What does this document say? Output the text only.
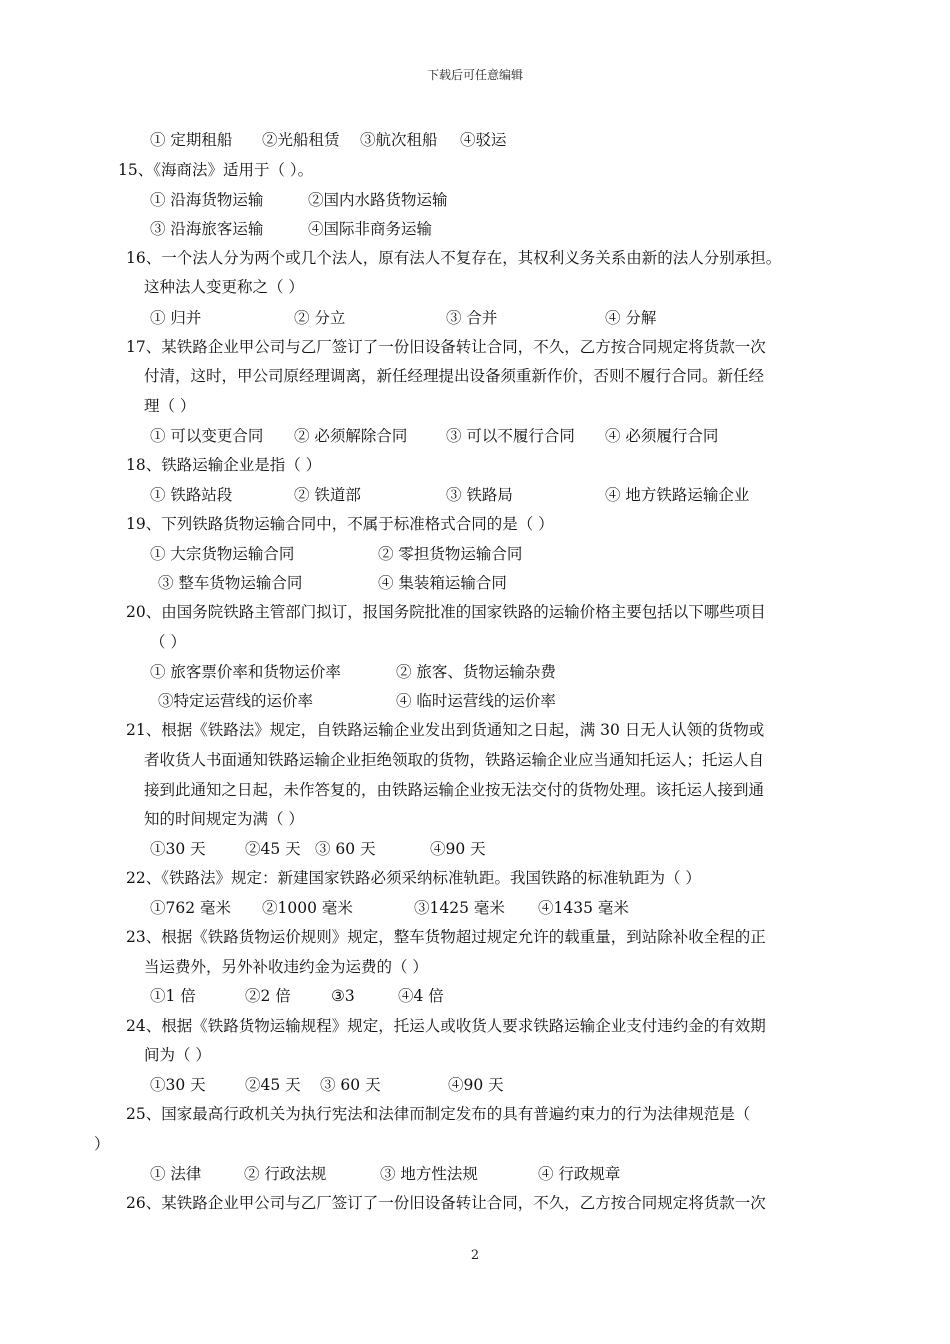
下载后可任意编辑
① 定期租船 ②光船租赁 ③航次租船 ④驳运
15、《海商法》适用于（ ）。
① 沿海货物运输	②国内水路货物运输
③ 沿海旅客运输	④国际非商务运输
16、一个法人分为两个或几个法人，原有法人不复存在，其权利义务关系由新的法人分别承担。
这种法人变更称之（ ）
① 归并	② 分立	③ 合并	④ 分解
17、某铁路企业甲公司与乙厂签订了一份旧设备转让合同，不久，乙方按合同规定将货款一次
付清，这时，甲公司原经理调离，新任经理提出设备须重新作价，否则不履行合同。新任经
理（ ）
① 可以变更合同 ② 必须解除合同 ③ 可以不履行合同 ④ 必须履行合同
18、铁路运输企业是指（ ）
① 铁路站段	② 铁道部	③ 铁路局	④ 地方铁路运输企业
19、下列铁路货物运输合同中，不属于标准格式合同的是（ ）
① 大宗货物运输合同	② 零担货物运输合同
③ 整车货物运输合同	④ 集装箱运输合同
20、由国务院铁路主管部门拟订，报国务院批准的国家铁路的运输价格主要包括以下哪些项目
（ ）
① 旅客票价率和货物运价率	② 旅客、货物运输杂费
③特定运营线的运价率	④ 临时运营线的运价率
21、根据《铁路法》规定，自铁路运输企业发出到货通知之日起，满 30 日无人认领的货物或
者收货人书面通知铁路运输企业拒绝领取的货物，铁路运输企业应当通知托运人；托运人自
接到此通知之日起，未作答复的，由铁路运输企业按无法交付的货物处理。该托运人接到通
知的时间规定为满（ ）
①30 天	②45 天 ③ 60 天	④90 天
22、《铁路法》规定：新建国家铁路必须采纳标准轨距。我国铁路的标准轨距为（ ）
①762 毫米 ②1000 毫米	③1425 毫米 ④1435 毫米
23、根据《铁路货物运价规则》规定，整车货物超过规定允许的载重量，到站除补收全程的正
当运费外，另外补收违约金为运费的（ ）
①1 倍	②2 倍	③3	④4 倍
24、根据《铁路货物运输规程》规定，托运人或收货人要求铁路运输企业支付违约金的有效期
间为（ ）
①30 天	②45 天 ③ 60 天	④90 天
25、国家最高行政机关为执行宪法和法律而制定发布的具有普遍约束力的行为法律规范是（
）
① 法律	② 行政法规	③ 地方性法规	④ 行政规章
26、某铁路企业甲公司与乙厂签订了一份旧设备转让合同，不久，乙方按合同规定将货款一次
2
